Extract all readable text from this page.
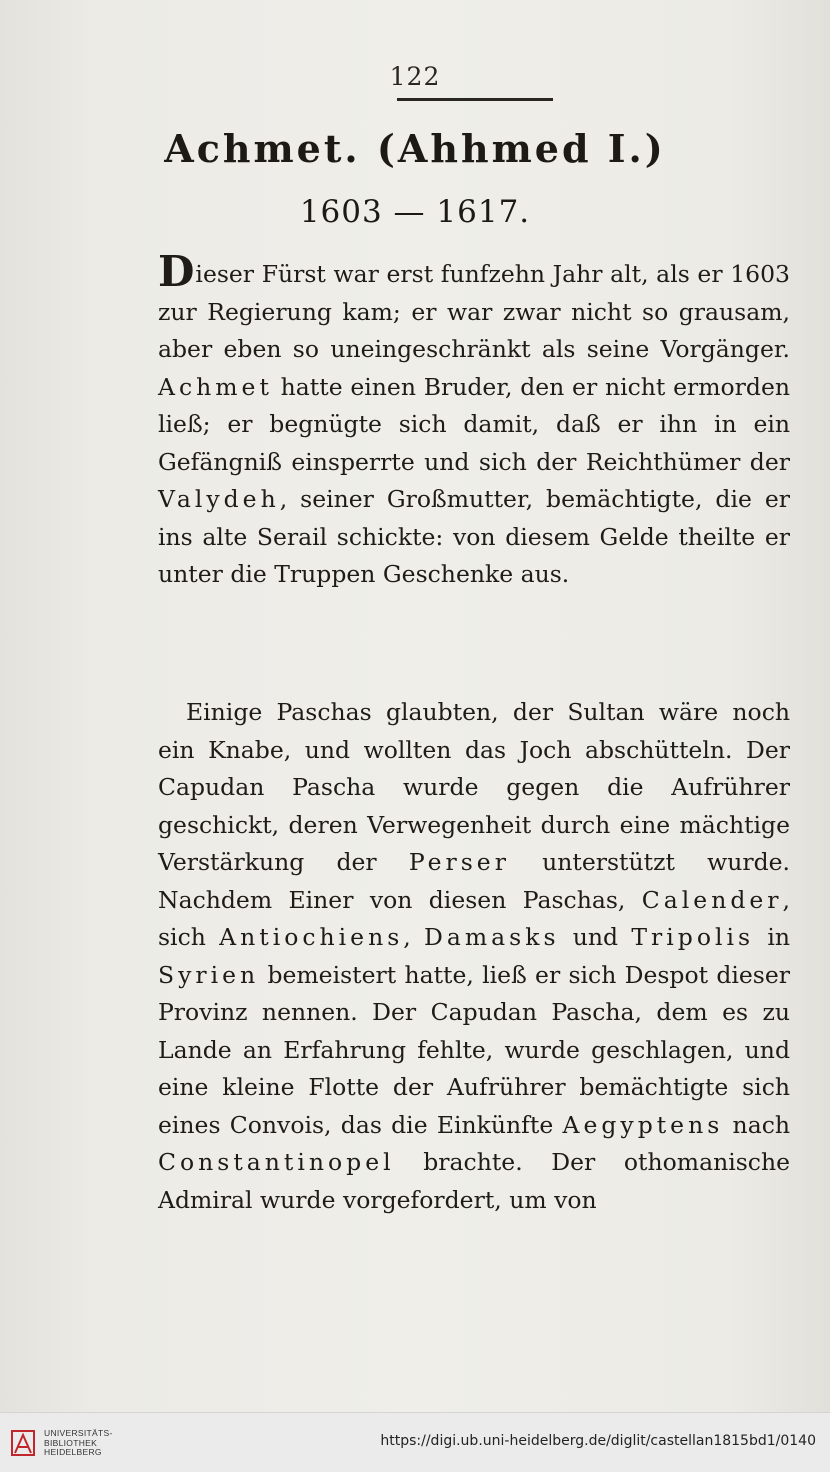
122
Achmet. (Ahhmed I.)
1603 — 1617.

Dieser Fürst war erst funfzehn Jahr alt, als er 1603 zur Regierung kam; er war zwar nicht so grausam, aber eben so uneingeschränkt als seine Vorgänger. Achmet hatte einen Bruder, den er nicht ermorden ließ; er begnügte sich damit, daß er ihn in ein Gefängniß einsperrte und sich der Reichthümer der Valydeh, seiner Großmutter, bemächtigte, die er ins alte Serail schickte: von diesem Gelde theilte er unter die Truppen Geschenke aus.

Einige Paschas glaubten, der Sultan wäre noch ein Knabe, und wollten das Joch abschütteln. Der Capudan Pascha wurde gegen die Aufrührer geschickt, deren Verwegenheit durch eine mächtige Verstärkung der Perser unterstützt wurde. Nachdem Einer von diesen Paschas, Calender, sich Antiochiens, Damasks und Tripolis in Syrien bemeistert hatte, ließ er sich Despot dieser Provinz nennen. Der Capudan Pascha, dem es zu Lande an Erfahrung fehlte, wurde geschlagen, und eine kleine Flotte der Aufrührer bemächtigte sich eines Convois, das die Einkünfte Aegyptens nach Constantinopel brachte. Der othomanische Admiral wurde vorgefordert, um von

UNIVERSITÄTS-
BIBLIOTHEK
HEIDELBERG
https://digi.ub.uni-heidelberg.de/diglit/castellan1815bd1/0140
